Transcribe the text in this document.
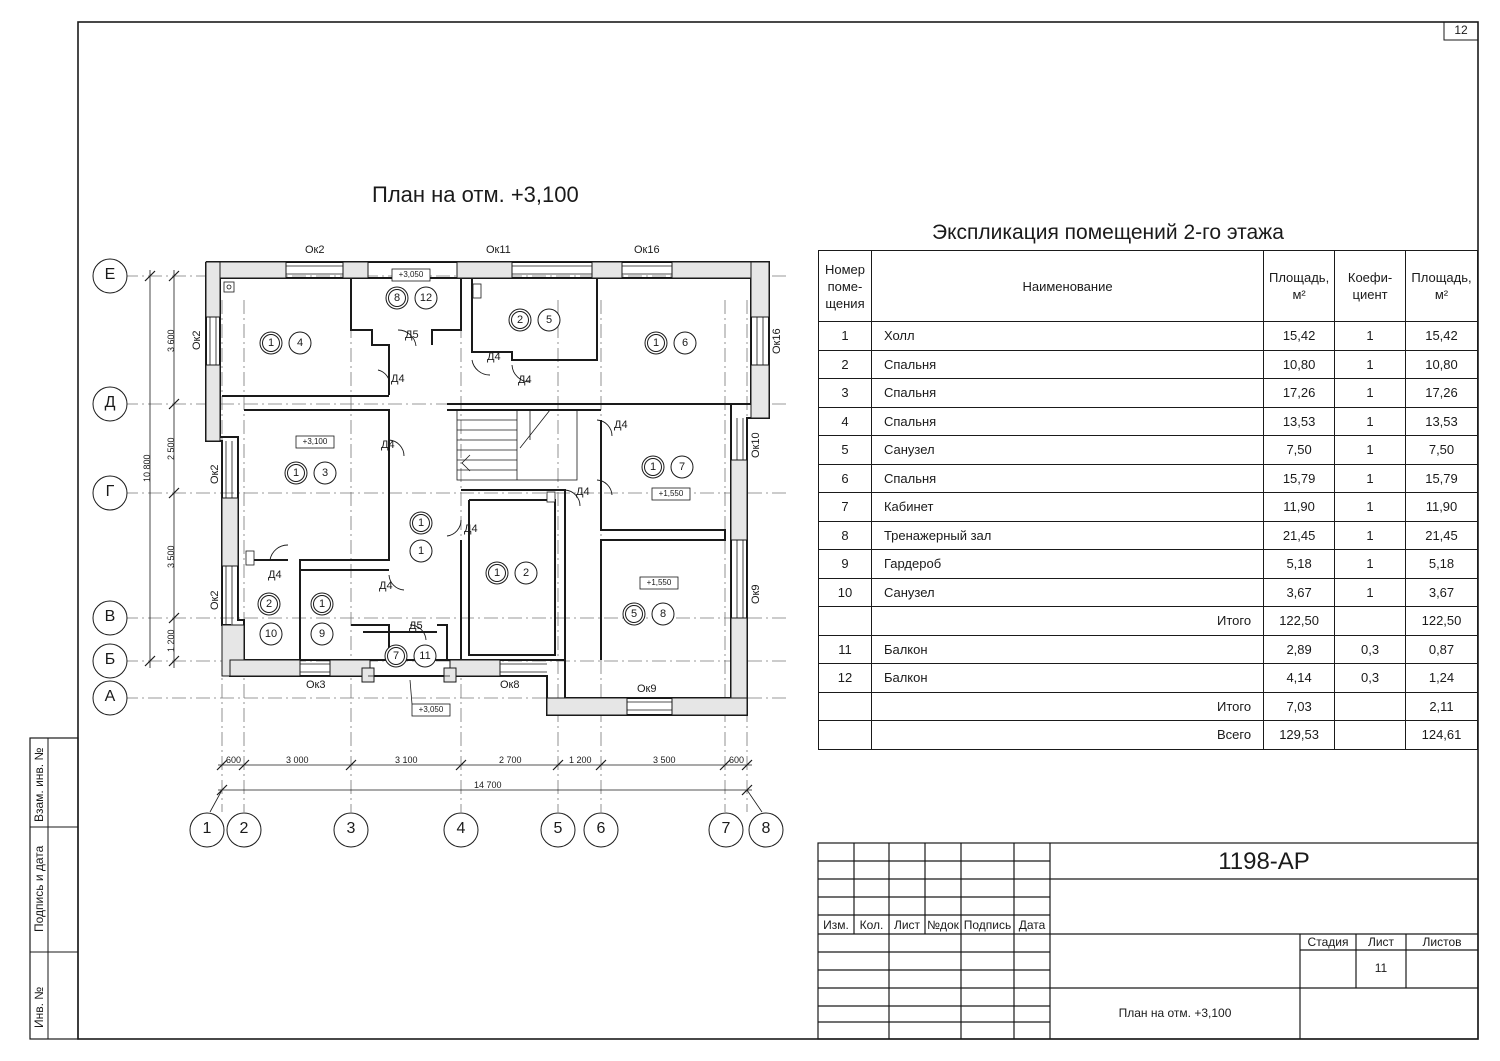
12
План на отм. +3,100
Экспликация помещений 2-го этажа
Номер поме-щения	Наименование	Площадь, м²	Коефи-циент	Площадь, м²
1	Холл	15,42	1	15,42
2	Спальня	10,80	1	10,80
3	Спальня	17,26	1	17,26
4	Спальня	13,53	1	13,53
5	Санузел	7,50	1	7,50
6	Спальня	15,79	1	15,79
7	Кабинет	11,90	1	11,90
8	Тренажерный зал	21,45	1	21,45
9	Гардероб	5,18	1	5,18
10	Санузел	3,67	1	3,67
	Итого	122,50		122,50
11	Балкон	2,89	0,3	0,87
12	Балкон	4,14	0,3	1,24
	Итого	7,03		2,11
	Всего	129,53		124,61
Е
Д
Г
В
Б
А
1	2	3	4	5	6	7	8
3 600
2 500
3 500
1 200
10 800
600	3 000	3 100	2 700	1 200	3 500	600
14 700
Ок2	Ок11	Ок16
Ок2	Ок16
Ок2
Ок10
Ок2	Ок9
Ок3	Ок8	Ок9
Д5
Д4
Д4
Д4
Д4
Д4
Д4
Д4
Д4
Д4
Д5
+3,050
+3,100
+1,550
+1,550
+3,050
1	4
8	12
2	5
1	6
1	3	1	7
1
1
1	2
5	8
2
10
1
9
7	11
1198-АР
Изм. Кол. Лист №док Подпись Дата
Стадия	Лист	Листов
11
План на отм. +3,100
Взам. инв. №
Подпись и дата
Инв. №
